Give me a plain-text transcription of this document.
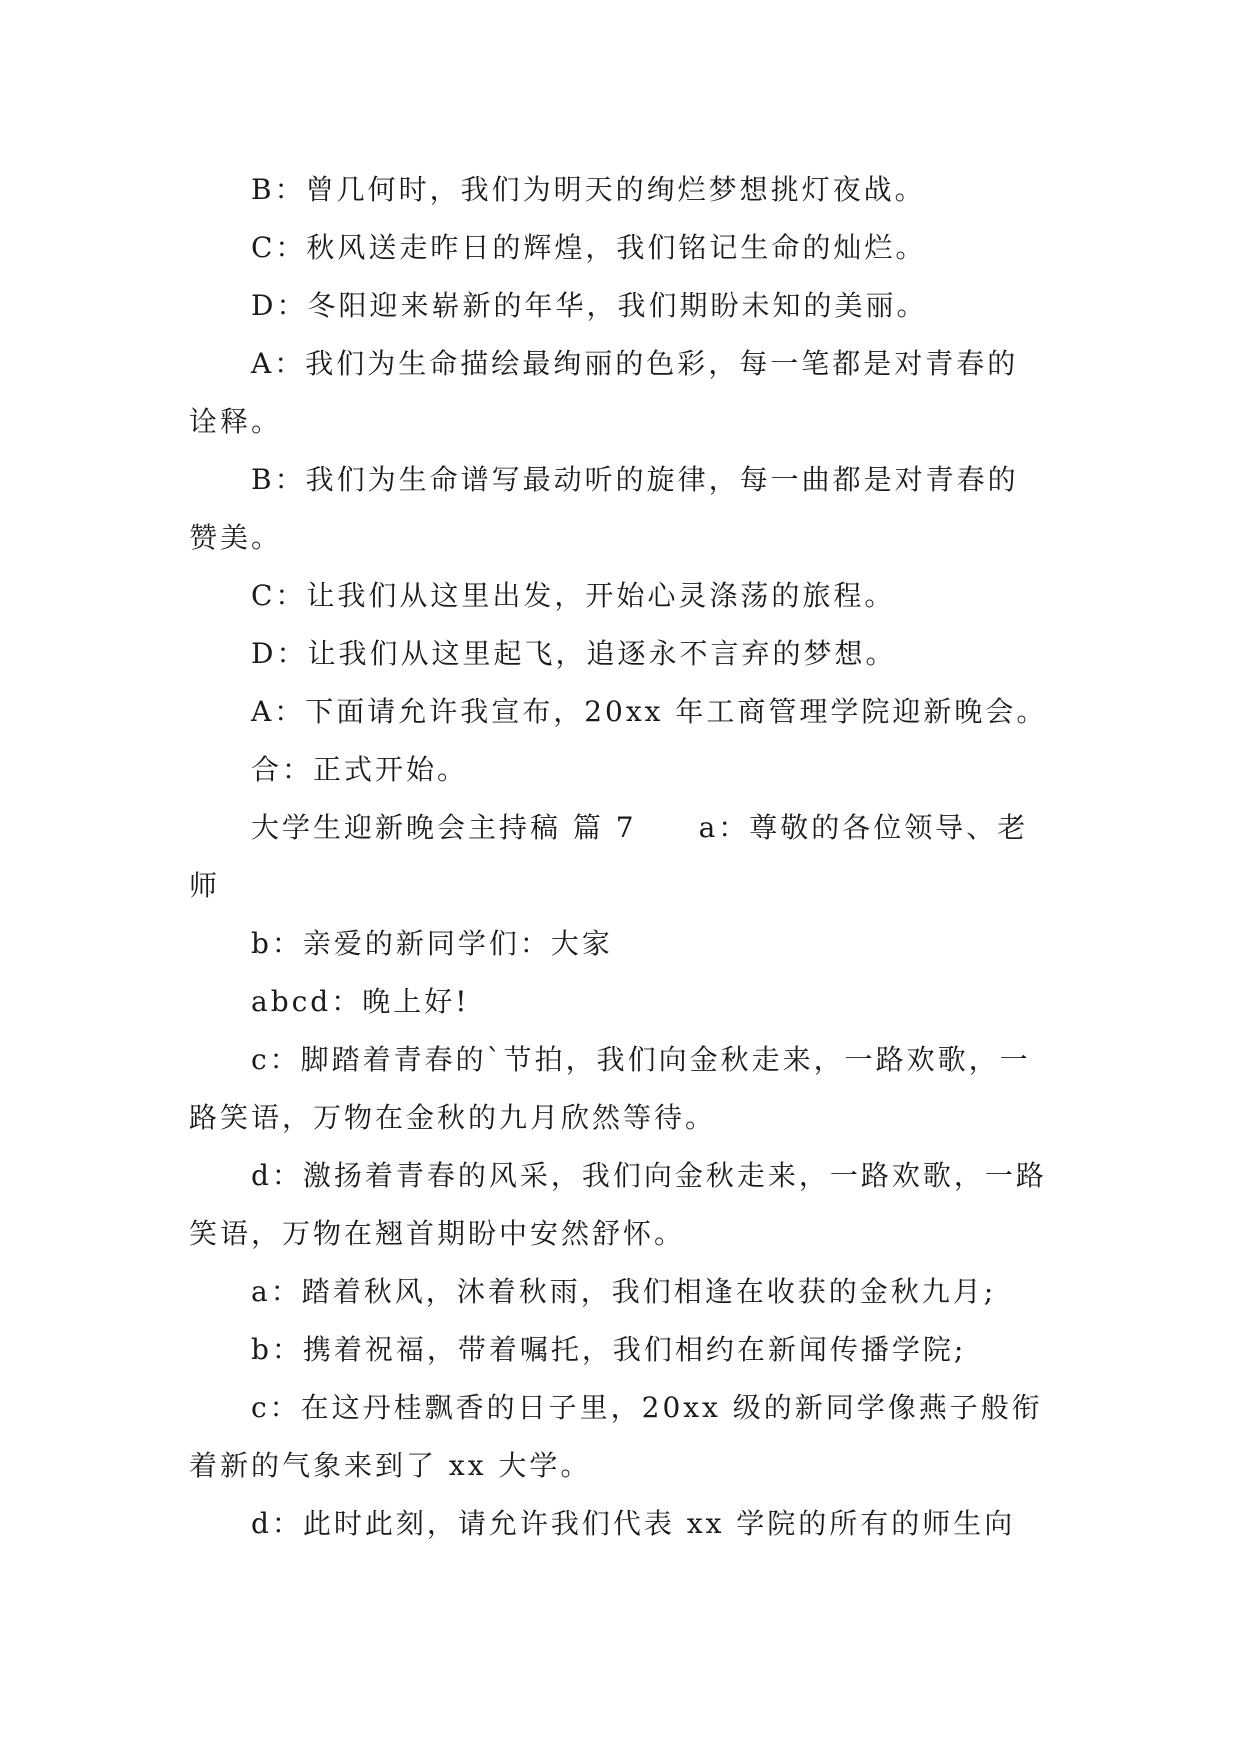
B：曾几何时，我们为明天的绚烂梦想挑灯夜战。

C：秋风送走昨日的辉煌，我们铭记生命的灿烂。

D：冬阳迎来崭新的年华，我们期盼未知的美丽。

A：我们为生命描绘最绚丽的色彩，每一笔都是对青春的诠释。

B：我们为生命谱写最动听的旋律，每一曲都是对青春的赞美。

C：让我们从这里出发，开始心灵涤荡的旅程。

D：让我们从这里起飞，追逐永不言弃的梦想。

A：下面请允许我宣布，20xx 年工商管理学院迎新晚会。

合：正式开始。

大学生迎新晚会主持稿 篇 7　　a：尊敬的各位领导、老师

b：亲爱的新同学们：大家

abcd：晚上好!

c：脚踏着青春的`节拍，我们向金秋走来，一路欢歌，一路笑语，万物在金秋的九月欣然等待。

d：激扬着青春的风采，我们向金秋走来，一路欢歌，一路笑语，万物在翘首期盼中安然舒怀。

a：踏着秋风，沐着秋雨，我们相逢在收获的金秋九月;

b：携着祝福，带着嘱托，我们相约在新闻传播学院;

c：在这丹桂飘香的日子里，20xx 级的新同学像燕子般衔着新的气象来到了 xx 大学。

d：此时此刻，请允许我们代表 xx 学院的所有的师生向
